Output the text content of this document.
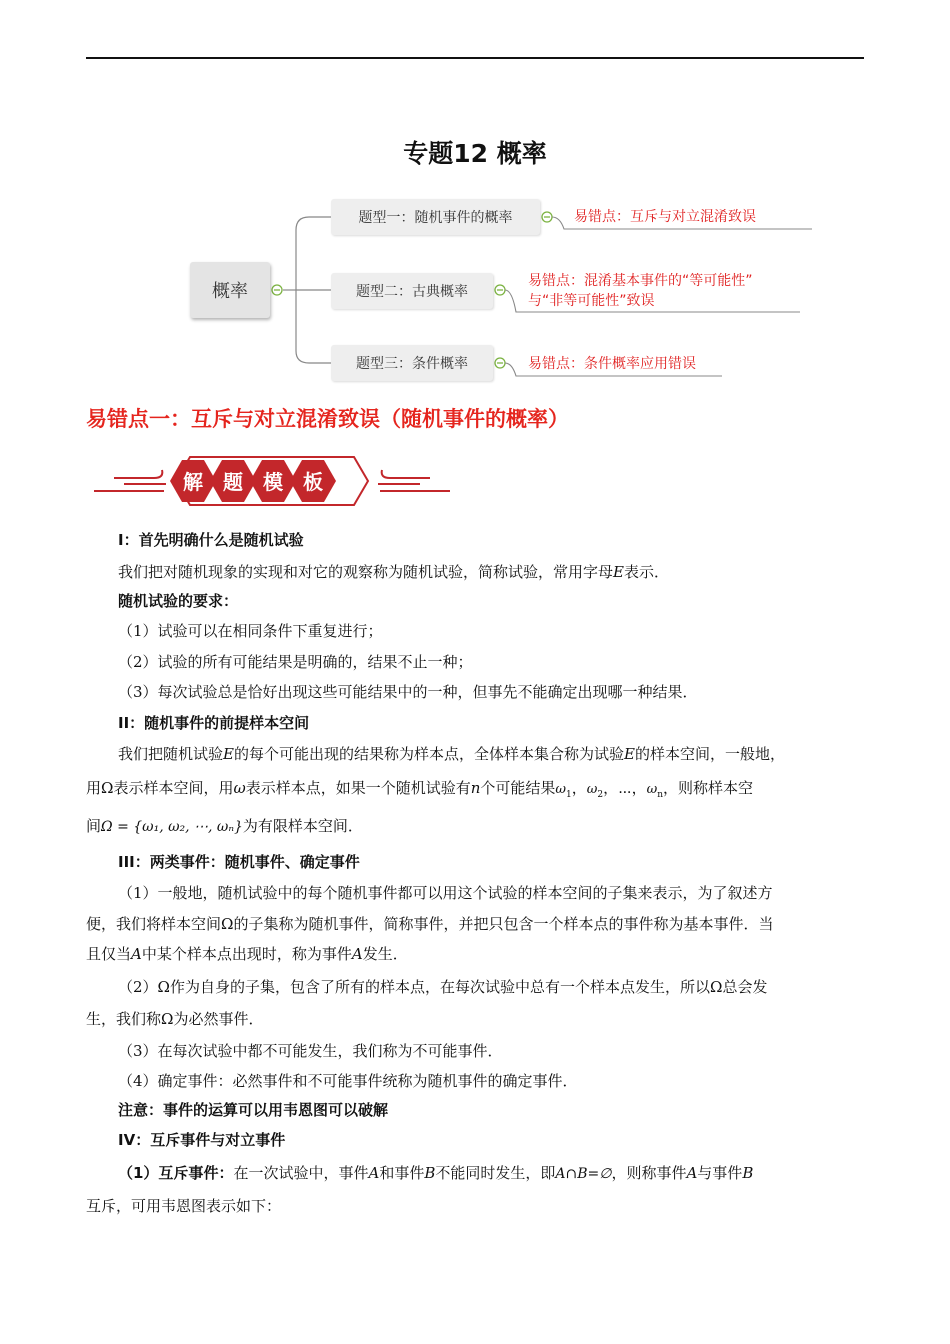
专题12 概率
概率
题型一：随机事件的概率
题型二：古典概率
题型三：条件概率
易错点：互斥与对立混淆致误
易错点：混淆基本事件的“等可能性”
与“非等可能性”致误
易错点：条件概率应用错误
易错点一：互斥与对立混淆致误（随机事件的概率）
解	题	模	板
I：首先明确什么是随机试验
我们把对随机现象的实现和对它的观察称为随机试验，简称试验，常用字母E表示．
随机试验的要求：
（1）试验可以在相同条件下重复进行；
（2）试验的所有可能结果是明确的，结果不止一种；
（3）每次试验总是恰好出现这些可能结果中的一种，但事先不能确定出现哪一种结果．
II：随机事件的前提样本空间
我们把随机试验E的每个可能出现的结果称为样本点，全体样本集合称为试验E的样本空间，一般地，
用Ω表示样本空间，用ω表示样本点，如果一个随机试验有n个可能结果$\omega_1$，$\omega_2$，⋯，$\omega_n$，则称样本空
间Ω = {ω₁, ω₂, ⋯, ωₙ}为有限样本空间．
III：两类事件：随机事件、确定事件
（1）一般地，随机试验中的每个随机事件都可以用这个试验的样本空间的子集来表示，为了叙述方
便，我们将样本空间Ω的子集称为随机事件，简称事件，并把只包含一个样本点的事件称为基本事件．当
且仅当A中某个样本点出现时，称为事件A发生．
（2）Ω作为自身的子集，包含了所有的样本点，在每次试验中总有一个样本点发生，所以Ω总会发
生，我们称Ω为必然事件．
（3）在每次试验中都不可能发生，我们称为不可能事件．
（4）确定事件：必然事件和不可能事件统称为随机事件的确定事件．
注意：事件的运算可以用韦恩图可以破解
IV：互斥事件与对立事件
（1）互斥事件：在一次试验中，事件A和事件B不能同时发生，即A∩B=∅，则称事件A与事件B
互斥，可用韦恩图表示如下：
